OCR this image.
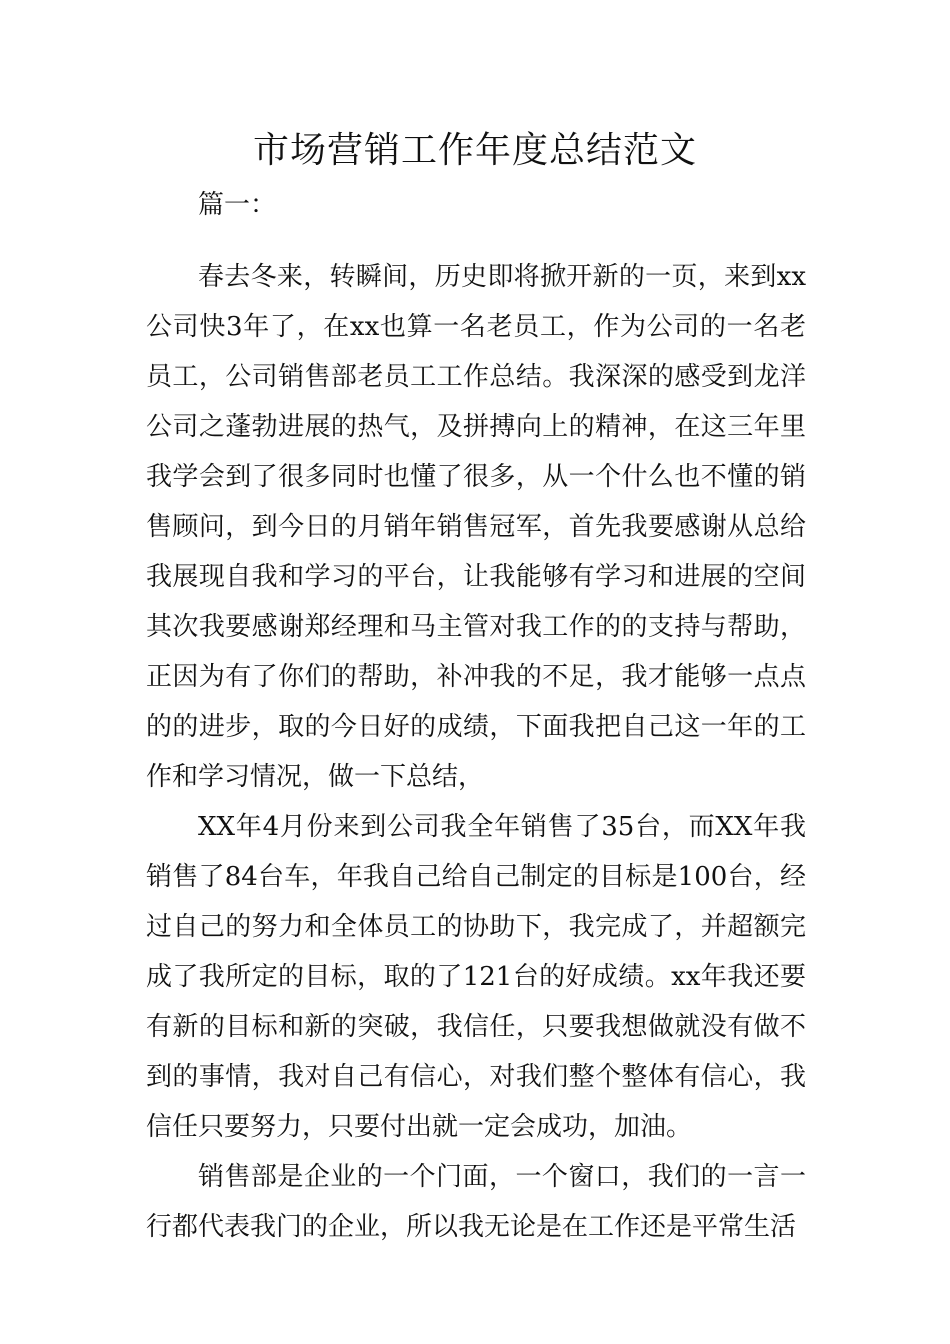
市场营销工作年度总结范文

篇一：

春去冬来，转瞬间，历史即将掀开新的一页，来到xx公司快3年了，在xx也算一名老员工，作为公司的一名老员工，公司销售部老员工工作总结。我深深的感受到龙洋公司之蓬勃进展的热气，及拼搏向上的精神，在这三年里我学会到了很多同时也懂了很多，从一个什么也不懂的销售顾问，到今日的月销年销售冠军，首先我要感谢从总给我展现自我和学习的平台，让我能够有学习和进展的空间其次我要感谢郑经理和马主管对我工作的的支持与帮助，正因为有了你们的帮助，补冲我的不足，我才能够一点点的的进步，取的今日好的成绩，下面我把自己这一年的工作和学习情况，做一下总结，

XX年4月份来到公司我全年销售了35台，而XX年我销售了84台车，年我自己给自己制定的目标是100台，经过自己的努力和全体员工的协助下，我完成了，并超额完成了我所定的目标，取的了121台的好成绩。xx年我还要有新的目标和新的突破，我信任，只要我想做就没有做不到的事情，我对自己有信心，对我们整个整体有信心，我信任只要努力，只要付出就一定会成功，加油。

销售部是企业的一个门面，一个窗口，我们的一言一行都代表我门的企业，所以我无论是在工作还是平常生活
